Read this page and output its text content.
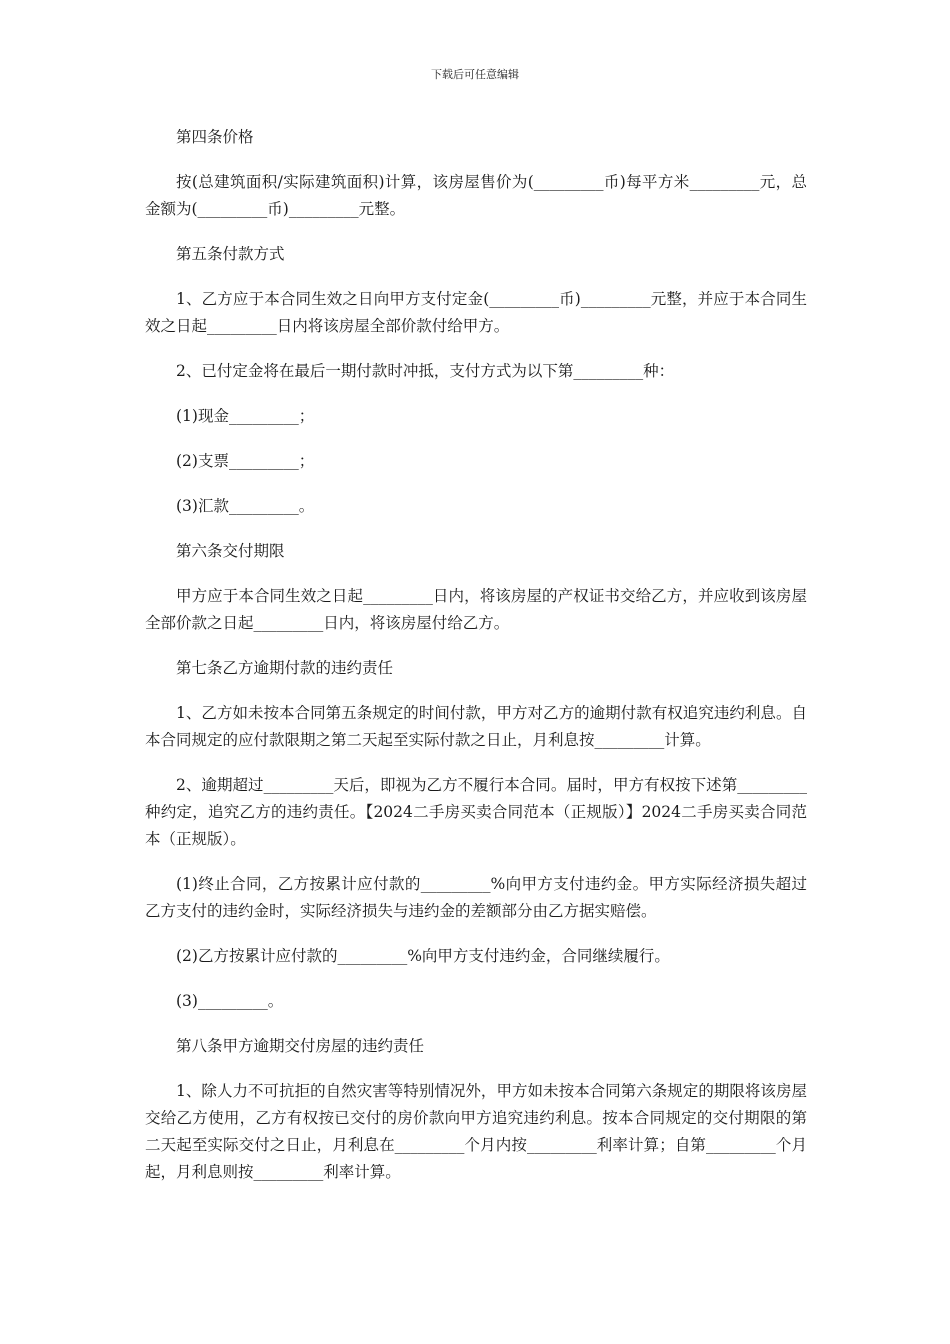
下载后可任意编辑

第四条价格

按(总建筑面积/实际建筑面积)计算，该房屋售价为(_________币)每平方米_________元，总金额为(_________币)_________元整。

第五条付款方式

1、乙方应于本合同生效之日向甲方支付定金(_________币)_________元整，并应于本合同生效之日起_________日内将该房屋全部价款付给甲方。

2、已付定金将在最后一期付款时冲抵，支付方式为以下第_________种：

(1)现金_________；

(2)支票_________；

(3)汇款_________。

第六条交付期限

甲方应于本合同生效之日起_________日内，将该房屋的产权证书交给乙方，并应收到该房屋全部价款之日起_________日内，将该房屋付给乙方。

第七条乙方逾期付款的违约责任

1、乙方如未按本合同第五条规定的时间付款，甲方对乙方的逾期付款有权追究违约利息。自本合同规定的应付款限期之第二天起至实际付款之日止，月利息按_________计算。

2、逾期超过_________天后，即视为乙方不履行本合同。届时，甲方有权按下述第_________种约定，追究乙方的违约责任。【2024二手房买卖合同范本（正规版）】2024二手房买卖合同范本（正规版）。

(1)终止合同，乙方按累计应付款的_________%向甲方支付违约金。甲方实际经济损失超过乙方支付的违约金时，实际经济损失与违约金的差额部分由乙方据实赔偿。

(2)乙方按累计应付款的_________%向甲方支付违约金，合同继续履行。

(3)_________。

第八条甲方逾期交付房屋的违约责任

1、除人力不可抗拒的自然灾害等特别情况外，甲方如未按本合同第六条规定的期限将该房屋交给乙方使用，乙方有权按已交付的房价款向甲方追究违约利息。按本合同规定的交付期限的第二天起至实际交付之日止，月利息在_________个月内按_________利率计算；自第_________个月起，月利息则按_________利率计算。
